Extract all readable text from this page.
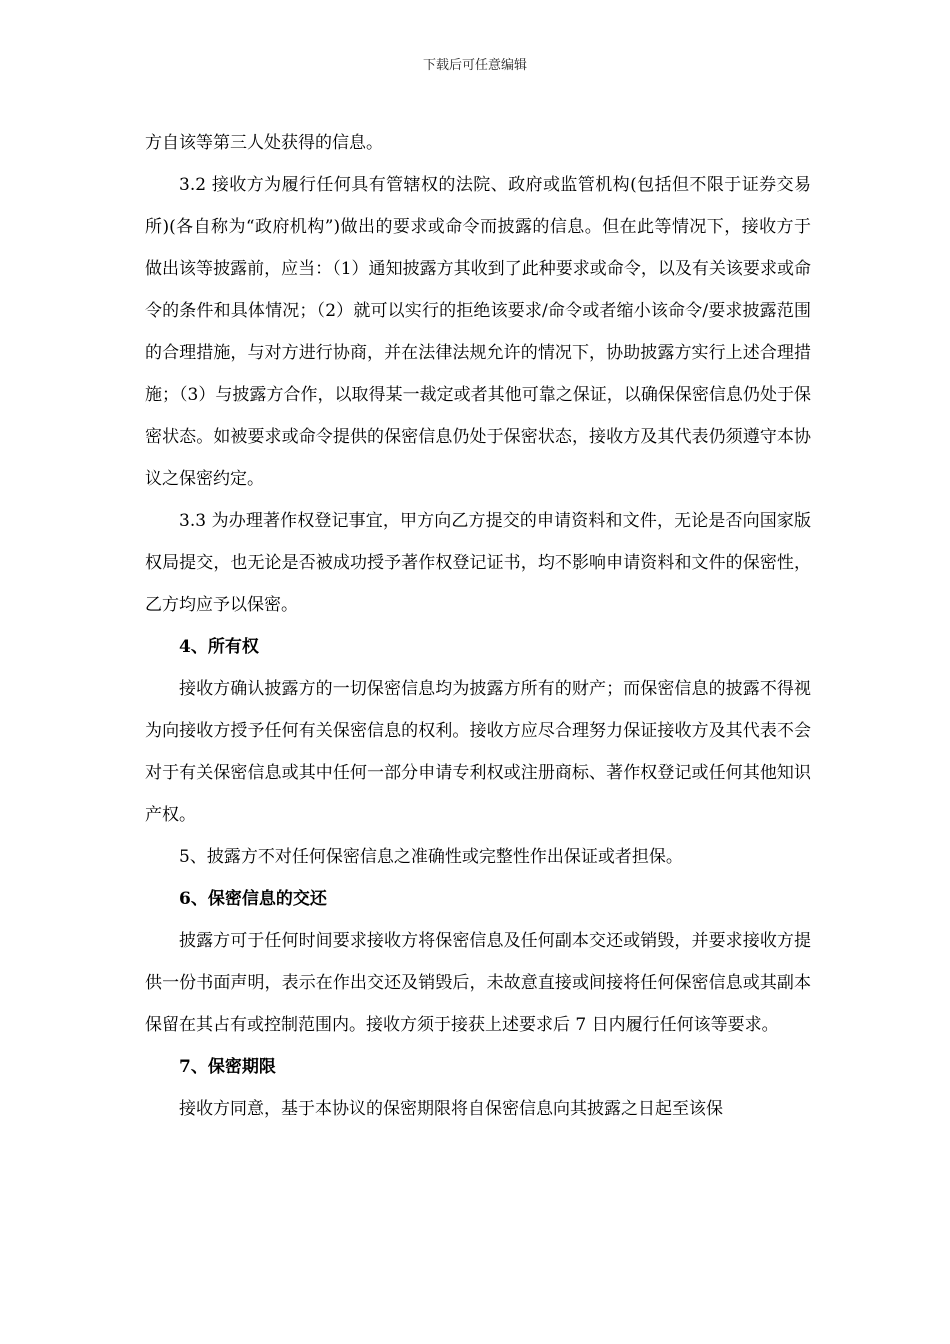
下载后可任意编辑

方自该等第三人处获得的信息。

3.2 接收方为履行任何具有管辖权的法院、政府或监管机构(包括但不限于证券交易所)(各自称为“政府机构”)做出的要求或命令而披露的信息。但在此等情况下，接收方于做出该等披露前，应当：（1）通知披露方其收到了此种要求或命令，以及有关该要求或命令的条件和具体情况；（2）就可以实行的拒绝该要求/命令或者缩小该命令/要求披露范围的合理措施，与对方进行协商，并在法律法规允许的情况下，协助披露方实行上述合理措施；（3）与披露方合作，以取得某一裁定或者其他可靠之保证，以确保保密信息仍处于保密状态。如被要求或命令提供的保密信息仍处于保密状态，接收方及其代表仍须遵守本协议之保密约定。

3.3 为办理著作权登记事宜，甲方向乙方提交的申请资料和文件，无论是否向国家版权局提交，也无论是否被成功授予著作权登记证书，均不影响申请资料和文件的保密性，乙方均应予以保密。

4、所有权

接收方确认披露方的一切保密信息均为披露方所有的财产；而保密信息的披露不得视为向接收方授予任何有关保密信息的权利。接收方应尽合理努力保证接收方及其代表不会对于有关保密信息或其中任何一部分申请专利权或注册商标、著作权登记或任何其他知识产权。

5、披露方不对任何保密信息之准确性或完整性作出保证或者担保。

6、保密信息的交还

披露方可于任何时间要求接收方将保密信息及任何副本交还或销毁，并要求接收方提供一份书面声明，表示在作出交还及销毁后，未故意直接或间接将任何保密信息或其副本保留在其占有或控制范围内。接收方须于接获上述要求后 7 日内履行任何该等要求。

7、保密期限

接收方同意，基于本协议的保密期限将自保密信息向其披露之日起至该保
